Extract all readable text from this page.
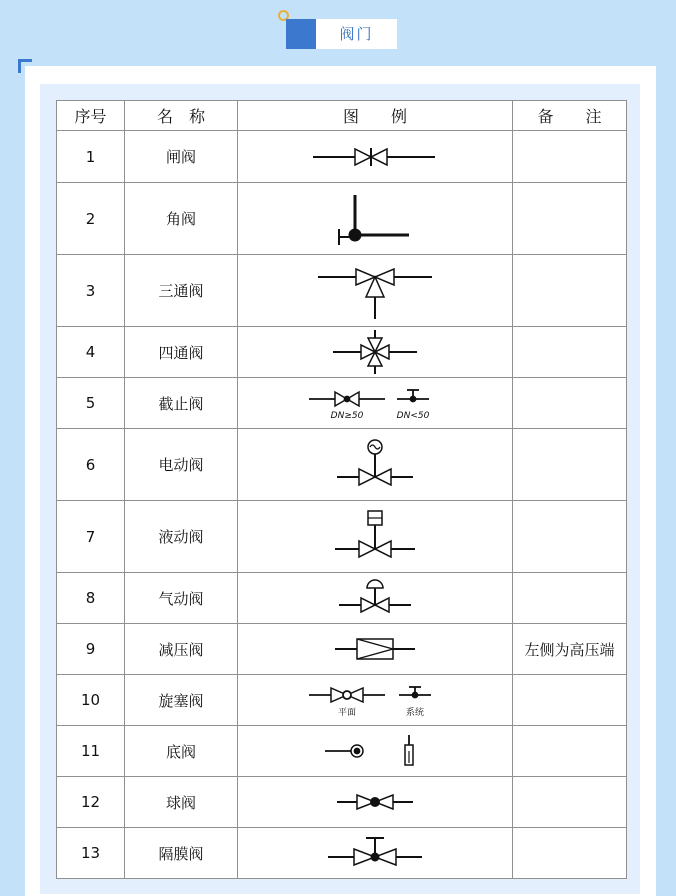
阀门
序号	名　称	图　　例	备　　注
1	闸阀	

2	角阀	

3	三通阀	

4	四通阀	

5	截止阀	DN≥50 DN<50	

6	电动阀	

7	液动阀	

8	气动阀	

9	减压阀		左侧为高压端
10	旋塞阀	平面 系统	

11	底阀	

12	球阀	

13	隔膜阀	
